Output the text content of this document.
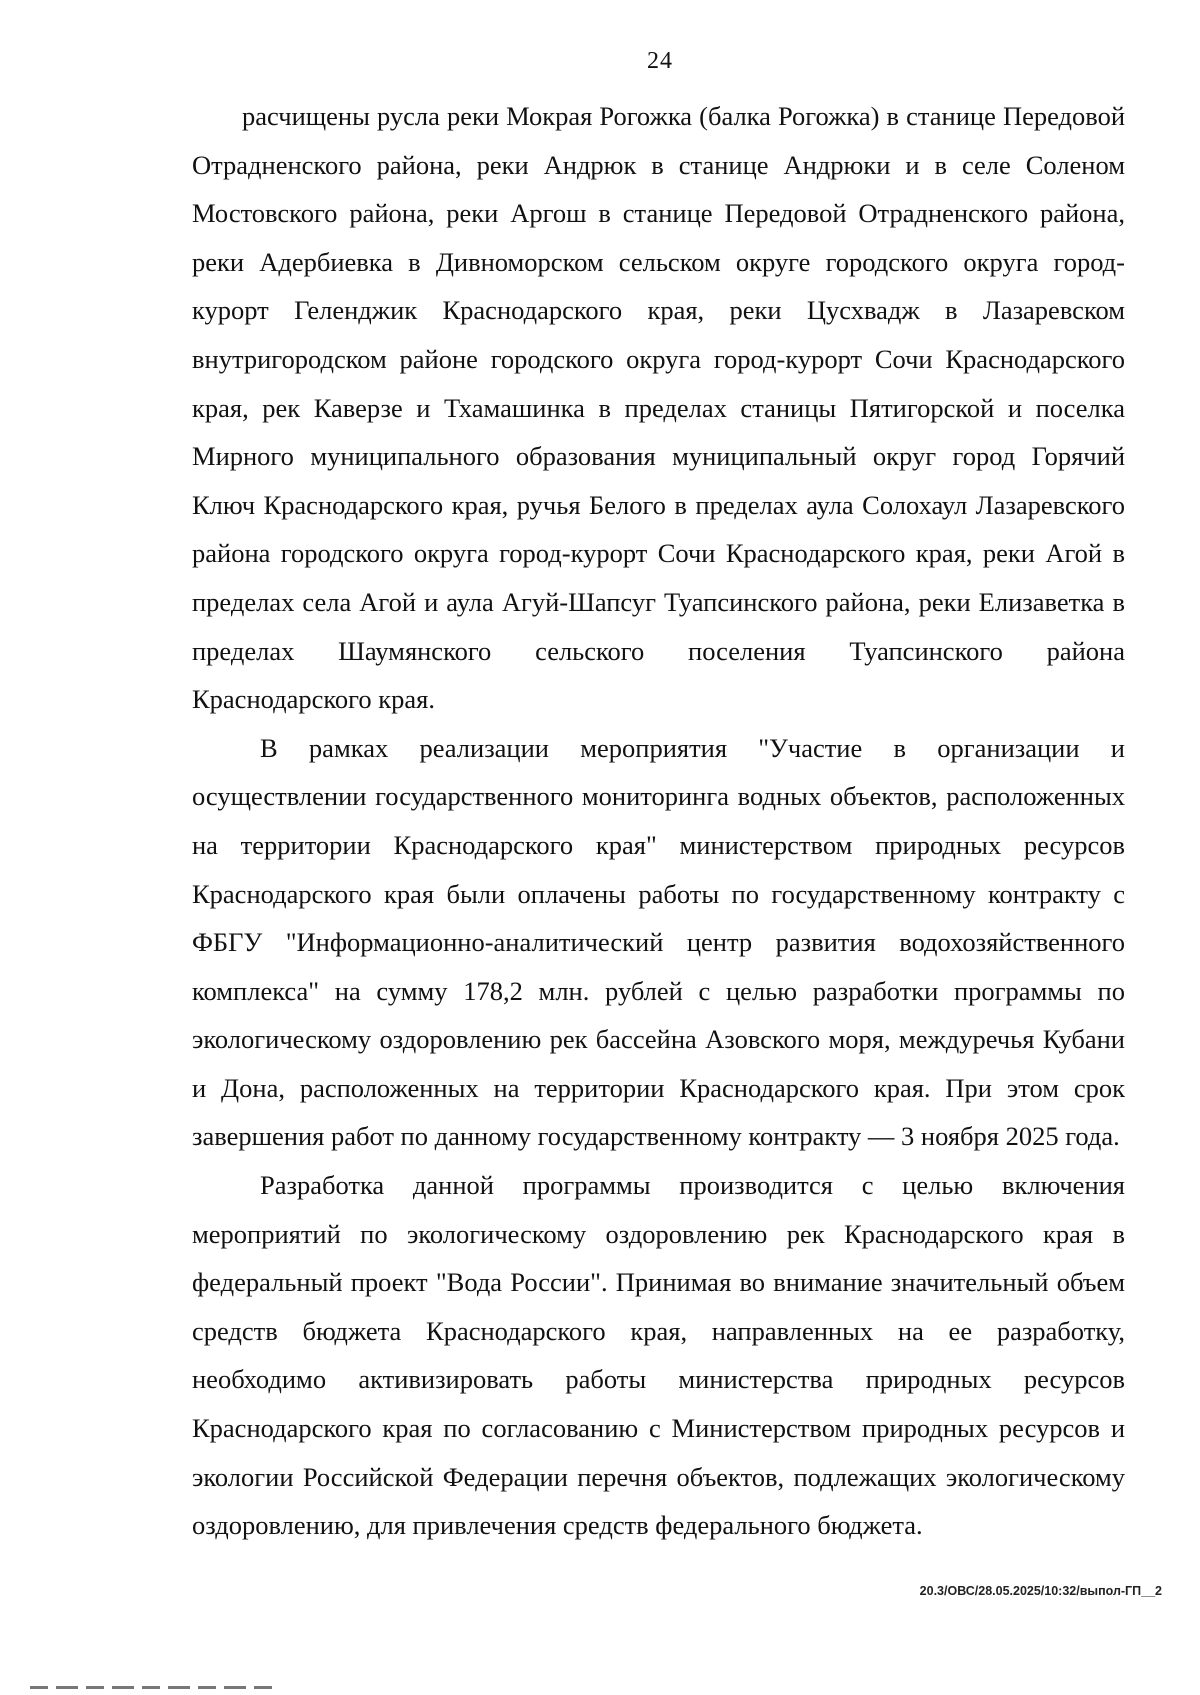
24

расчищены русла реки Мокрая Рогожка (балка Рогожка) в станице Передовой Отрадненского района, реки Андрюк в станице Андрюки и в селе Соленом Мостовского района, реки Аргош в станице Передовой Отрадненского района, реки Адербиевка в Дивноморском сельском округе городского округа город-курорт Геленджик Краснодарского края, реки Цусхвадж в Лазаревском внутригородском районе городского округа город-курорт Сочи Краснодарского края, рек Каверзе и Тхамашинка в пределах станицы Пятигорской и поселка Мирного муниципального образования муниципальный округ город Горячий Ключ Краснодарского края, ручья Белого в пределах аула Солохаул Лазаревского района городского округа город-курорт Сочи Краснодарского края, реки Агой в пределах села Агой и аула Агуй-Шапсуг Туапсинского района, реки Елизаветка в пределах Шаумянского сельского поселения Туапсинского района Краснодарского края.

В рамках реализации мероприятия "Участие в организации и осуществлении государственного мониторинга водных объектов, расположенных на территории Краснодарского края" министерством природных ресурсов Краснодарского края были оплачены работы по государственному контракту с ФБГУ "Информационно-аналитический центр развития водохозяйственного комплекса" на сумму 178,2 млн. рублей с целью разработки программы по экологическому оздоровлению рек бассейна Азовского моря, междуречья Кубани и Дона, расположенных на территории Краснодарского края. При этом срок завершения работ по данному государственному контракту — 3 ноября 2025 года.

Разработка данной программы производится с целью включения мероприятий по экологическому оздоровлению рек Краснодарского края в федеральный проект "Вода России". Принимая во внимание значительный объем средств бюджета Краснодарского края, направленных на ее разработку, необходимо активизировать работы министерства природных ресурсов Краснодарского края по согласованию с Министерством природных ресурсов и экологии Российской Федерации перечня объектов, подлежащих экологическому оздоровлению, для привлечения средств федерального бюджета.

20.3/ОВС/28.05.2025/10:32/выпол-ГП__2
